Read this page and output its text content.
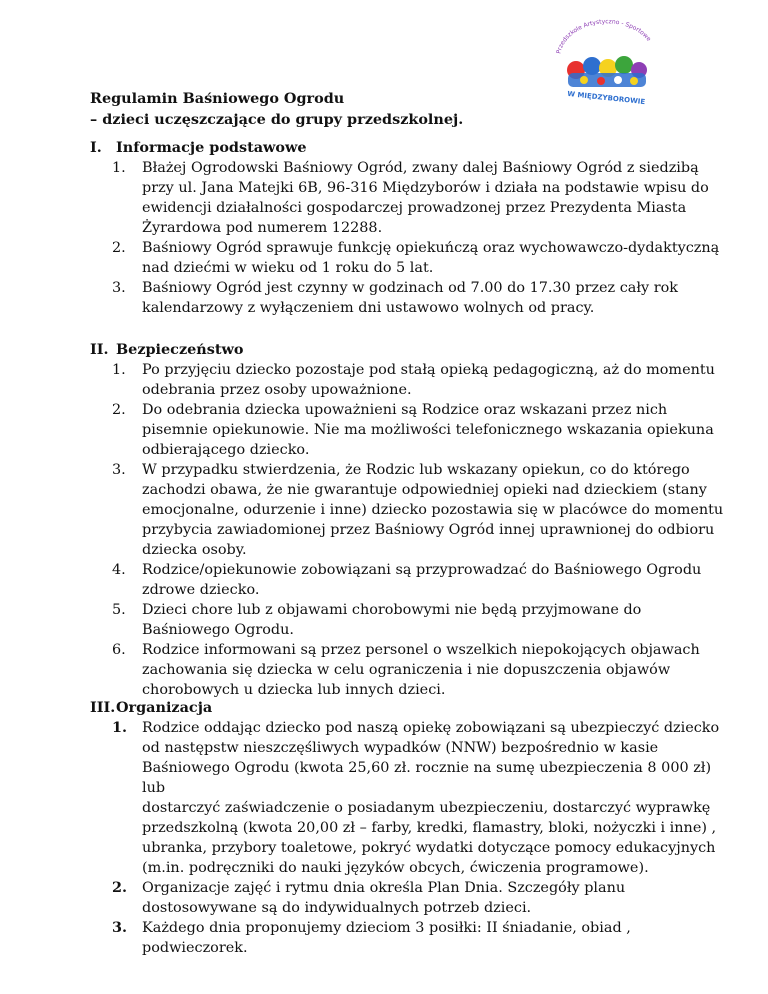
Przedszkole Artystyczno - Sportowe
W MIĘDZYBOROWIE
Regulamin Baśniowego Ogrodu
– dzieci uczęszczające do grupy przedszkolnej.
I. Informacje podstawowe
1.	Błażej Ogrodowski Baśniowy Ogród, zwany dalej Baśniowy Ogród z siedzibą
przy ul. Jana Matejki 6B, 96-316 Międzyborów i działa na podstawie wpisu do
ewidencji działalności gospodarczej prowadzonej przez Prezydenta Miasta
Żyrardowa pod numerem 12288.
2.	Baśniowy Ogród sprawuje funkcję opiekuńczą oraz wychowawczo-dydaktyczną
nad dziećmi w wieku od 1 roku do 5 lat.
3.	Baśniowy Ogród jest czynny w godzinach od 7.00 do 17.30 przez cały rok
kalendarzowy z wyłączeniem dni ustawowo wolnych od pracy.
II. Bezpieczeństwo
1.	Po przyjęciu dziecko pozostaje pod stałą opieką pedagogiczną, aż do momentu
odebrania przez osoby upoważnione.
2.	Do odebrania dziecka upoważnieni są Rodzice oraz wskazani przez nich
pisemnie opiekunowie. Nie ma możliwości telefonicznego wskazania opiekuna
odbierającego dziecko.
3.	W przypadku stwierdzenia, że Rodzic lub wskazany opiekun, co do którego
zachodzi obawa, że nie gwarantuje odpowiedniej opieki nad dzieckiem (stany
emocjonalne, odurzenie i inne) dziecko pozostawia się w placówce do momentu
przybycia zawiadomionej przez Baśniowy Ogród innej uprawnionej do odbioru
dziecka osoby.
4.	Rodzice/opiekunowie zobowiązani są przyprowadzać do Baśniowego Ogrodu
zdrowe dziecko.
5.	Dzieci chore lub z objawami chorobowymi nie będą przyjmowane do
Baśniowego Ogrodu.
6.	Rodzice informowani są przez personel o wszelkich niepokojących objawach
zachowania się dziecka w celu ograniczenia i nie dopuszczenia objawów
chorobowych u dziecka lub innych dzieci.
III. Organizacja
1.	Rodzice oddając dziecko pod naszą opiekę zobowiązani są ubezpieczyć dziecko
od następstw nieszczęśliwych wypadków (NNW) bezpośrednio w kasie
Baśniowego Ogrodu (kwota 25,60 zł. rocznie na sumę ubezpieczenia 8 000 zł) lub
dostarczyć zaświadczenie o posiadanym ubezpieczeniu, dostarczyć wyprawkę
przedszkolną (kwota 20,00 zł – farby, kredki, flamastry, bloki, nożyczki i inne) ,
ubranka, przybory toaletowe, pokryć wydatki dotyczące pomocy edukacyjnych
(m.in. podręczniki do nauki języków obcych, ćwiczenia programowe).
2.	Organizacje zajęć i rytmu dnia określa Plan Dnia. Szczegóły planu
dostosowywane są do indywidualnych potrzeb dzieci.
3.	Każdego dnia proponujemy dzieciom 3 posiłki: II śniadanie, obiad ,
podwieczorek.
